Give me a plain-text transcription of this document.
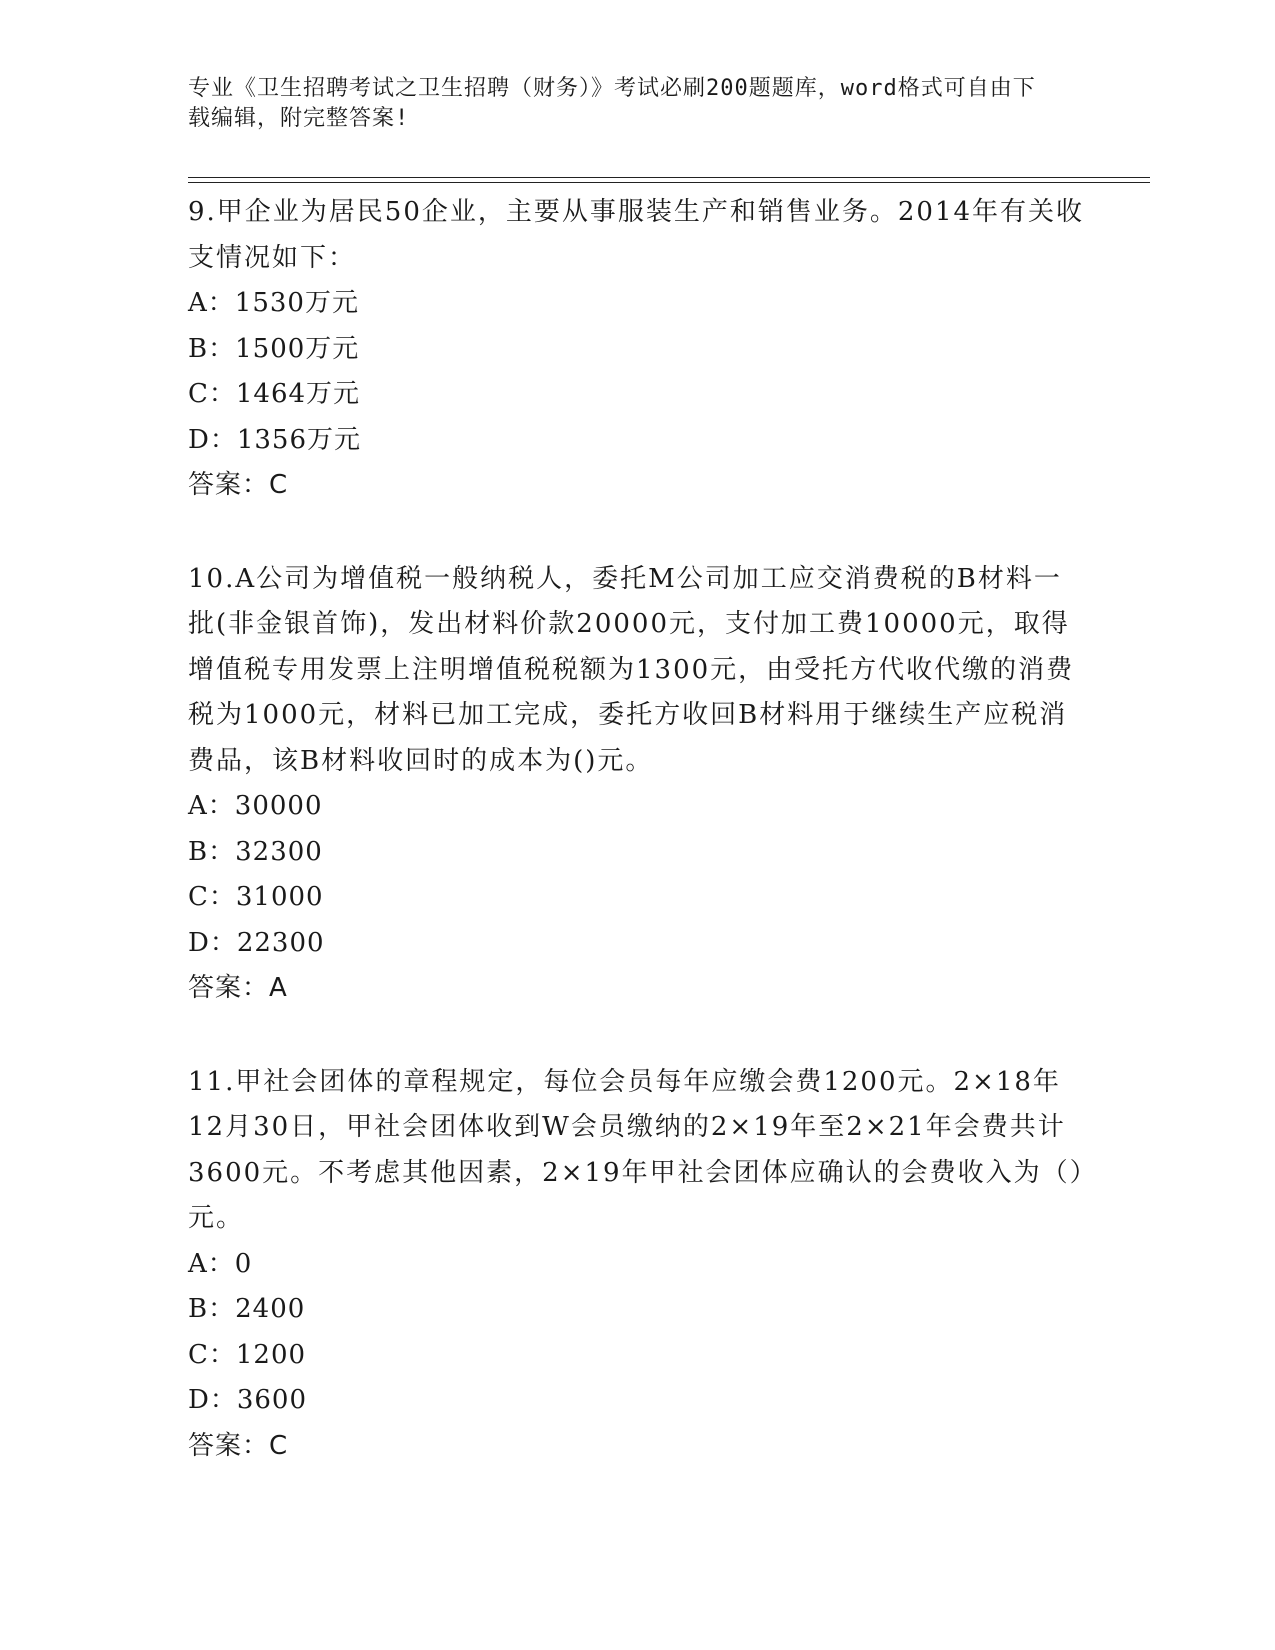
专业《卫生招聘考试之卫生招聘（财务）》考试必刷200题题库，word格式可自由下载编辑，附完整答案!
9.甲企业为居民50企业，主要从事服装生产和销售业务。2014年有关收支情况如下：
A：1530万元
B：1500万元
C：1464万元
D：1356万元
答案：C
10.A公司为增值税一般纳税人，委托M公司加工应交消费税的B材料一批(非金银首饰)，发出材料价款20000元，支付加工费10000元，取得增值税专用发票上注明增值税税额为1300元，由受托方代收代缴的消费税为1000元，材料已加工完成，委托方收回B材料用于继续生产应税消费品，该B材料收回时的成本为()元。
A：30000
B：32300
C：31000
D：22300
答案：A
11.甲社会团体的章程规定，每位会员每年应缴会费1200元。2×18年12月30日，甲社会团体收到W会员缴纳的2×19年至2×21年会费共计3600元。不考虑其他因素，2×19年甲社会团体应确认的会费收入为（）元。
A：0
B：2400
C：1200
D：3600
答案：C
